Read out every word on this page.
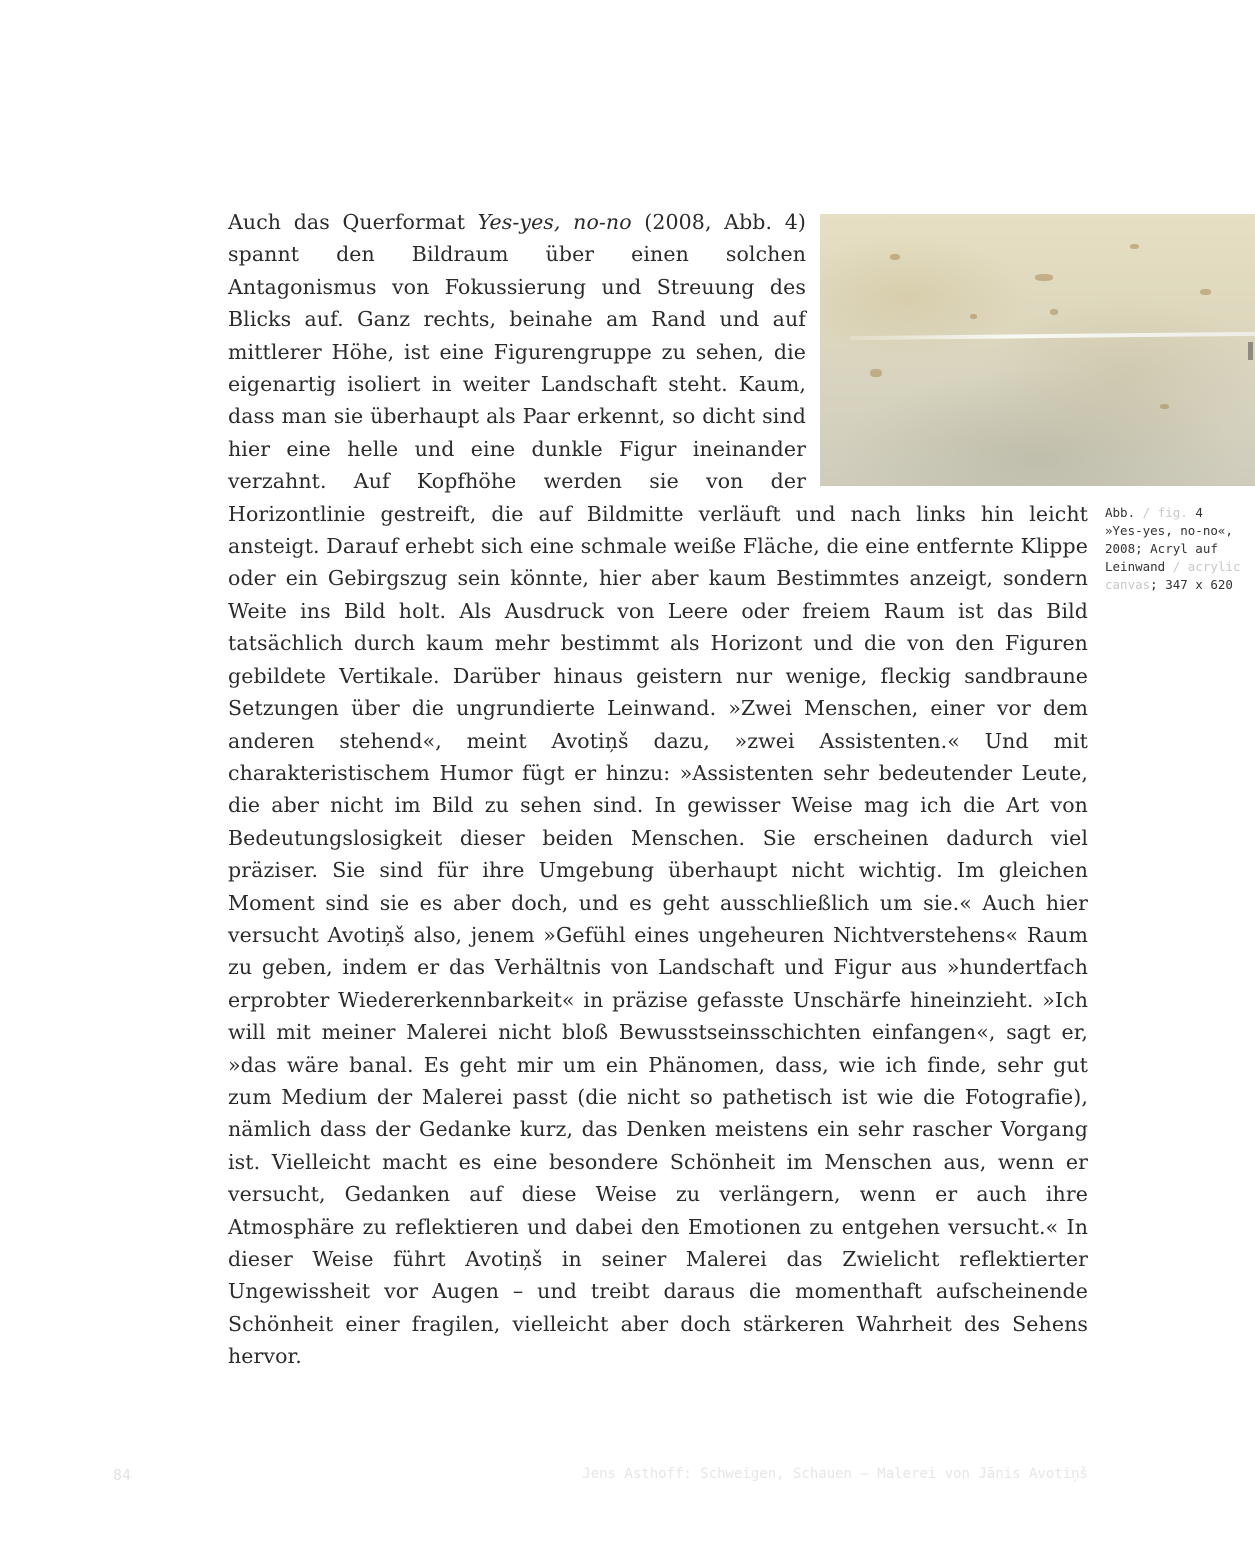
Auch das Querformat Yes-yes, no-no (2008, Abb. 4) spannt den Bildraum über einen solchen Antagonismus von Fokussierung und Streuung des Blicks auf. Ganz rechts, beinahe am Rand und auf mittlerer Höhe, ist eine Figurengruppe zu sehen, die eigenartig isoliert in weiter Landschaft steht. Kaum, dass man sie überhaupt als Paar erkennt, so dicht sind hier eine helle und eine dunkle Figur ineinander verzahnt. Auf Kopfhöhe werden sie von der Horizontlinie gestreift, die auf Bildmitte verläuft und nach links hin leicht ansteigt. Darauf erhebt sich eine schmale weiße Fläche, die eine entfernte Klippe oder ein Gebirgszug sein könnte, hier aber kaum Bestimmtes anzeigt, sondern Weite ins Bild holt. Als Ausdruck von Leere oder freiem Raum ist das Bild tatsächlich durch kaum mehr bestimmt als Horizont und die von den Figuren gebildete Vertikale. Darüber hinaus geistern nur wenige, fleckig sandbraune Setzungen über die ungrundierte Leinwand. »Zwei Menschen, einer vor dem anderen stehend«, meint Avotiņš dazu, »zwei Assistenten.« Und mit charakteristischem Humor fügt er hinzu: »Assistenten sehr bedeutender Leute, die aber nicht im Bild zu sehen sind. In gewisser Weise mag ich die Art von Bedeutungslosigkeit dieser beiden Menschen. Sie erscheinen dadurch viel präziser. Sie sind für ihre Umgebung überhaupt nicht wichtig. Im gleichen Moment sind sie es aber doch, und es geht ausschließlich um sie.« Auch hier versucht Avotiņš also, jenem »Gefühl eines ungeheuren Nichtverstehens« Raum zu geben, indem er das Verhältnis von Landschaft und Figur aus »hundertfach erprobter Wiedererkennbarkeit« in präzise gefasste Unschärfe hineinzieht. »Ich will mit meiner Malerei nicht bloß Bewusstseinsschichten einfangen«, sagt er, »das wäre banal. Es geht mir um ein Phänomen, dass, wie ich finde, sehr gut zum Medium der Malerei passt (die nicht so pathetisch ist wie die Fotografie), nämlich dass der Gedanke kurz, das Denken meistens ein sehr rascher Vorgang ist. Vielleicht macht es eine besondere Schönheit im Menschen aus, wenn er versucht, Gedanken auf diese Weise zu verlängern, wenn er auch ihre Atmosphäre zu reflektieren und dabei den Emotionen zu entgehen versucht.« In dieser Weise führt Avotiņš in seiner Malerei das Zwielicht reflektierter Ungewissheit vor Augen – und treibt daraus die momenthaft aufscheinende Schönheit einer fragilen, vielleicht aber doch stärkeren Wahrheit des Sehens hervor.
Abb. / fig. 4
»Yes-yes, no-no«,
2008; Acryl auf
Leinwand / acrylic
canvas; 347 x 620
84	Jens Asthoff: Schweigen, Schauen – Malerei von Jānis Avotiņš
